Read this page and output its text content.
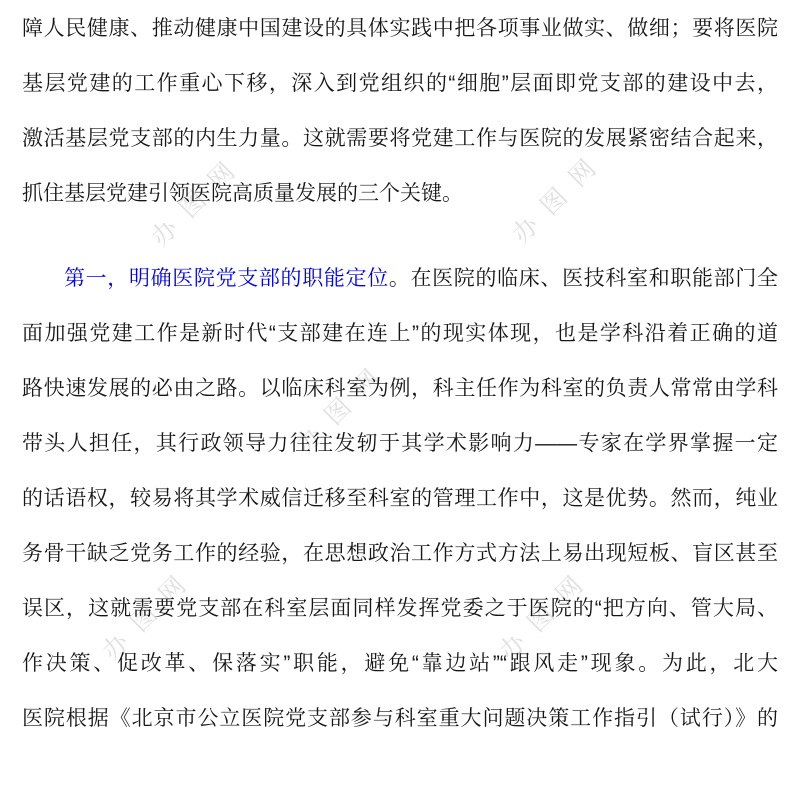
办图网	办图网
办图网
办图网	办图网
障人民健康、推动健康中国建设的具体实践中把各项事业做实、做细；要将医院
基层党建的工作重心下移，深入到党组织的“细胞”层面即党支部的建设中去，
激活基层党支部的内生力量。这就需要将党建工作与医院的发展紧密结合起来，
抓住基层党建引领医院高质量发展的三个关键。
第一，明确医院党支部的职能定位。在医院的临床、医技科室和职能部门全
面加强党建工作是新时代“支部建在连上”的现实体现，也是学科沿着正确的道
路快速发展的必由之路。以临床科室为例，科主任作为科室的负责人常常由学科
带头人担任，其行政领导力往往发轫于其学术影响力——专家在学界掌握一定
的话语权，较易将其学术威信迁移至科室的管理工作中，这是优势。然而，纯业
务骨干缺乏党务工作的经验，在思想政治工作方式方法上易出现短板、盲区甚至
误区，这就需要党支部在科室层面同样发挥党委之于医院的“把方向、管大局、
作决策、促改革、保落实”职能，避免“靠边站”“跟风走”现象。为此，北大
医院根据《北京市公立医院党支部参与科室重大问题决策工作指引（试行）》的
